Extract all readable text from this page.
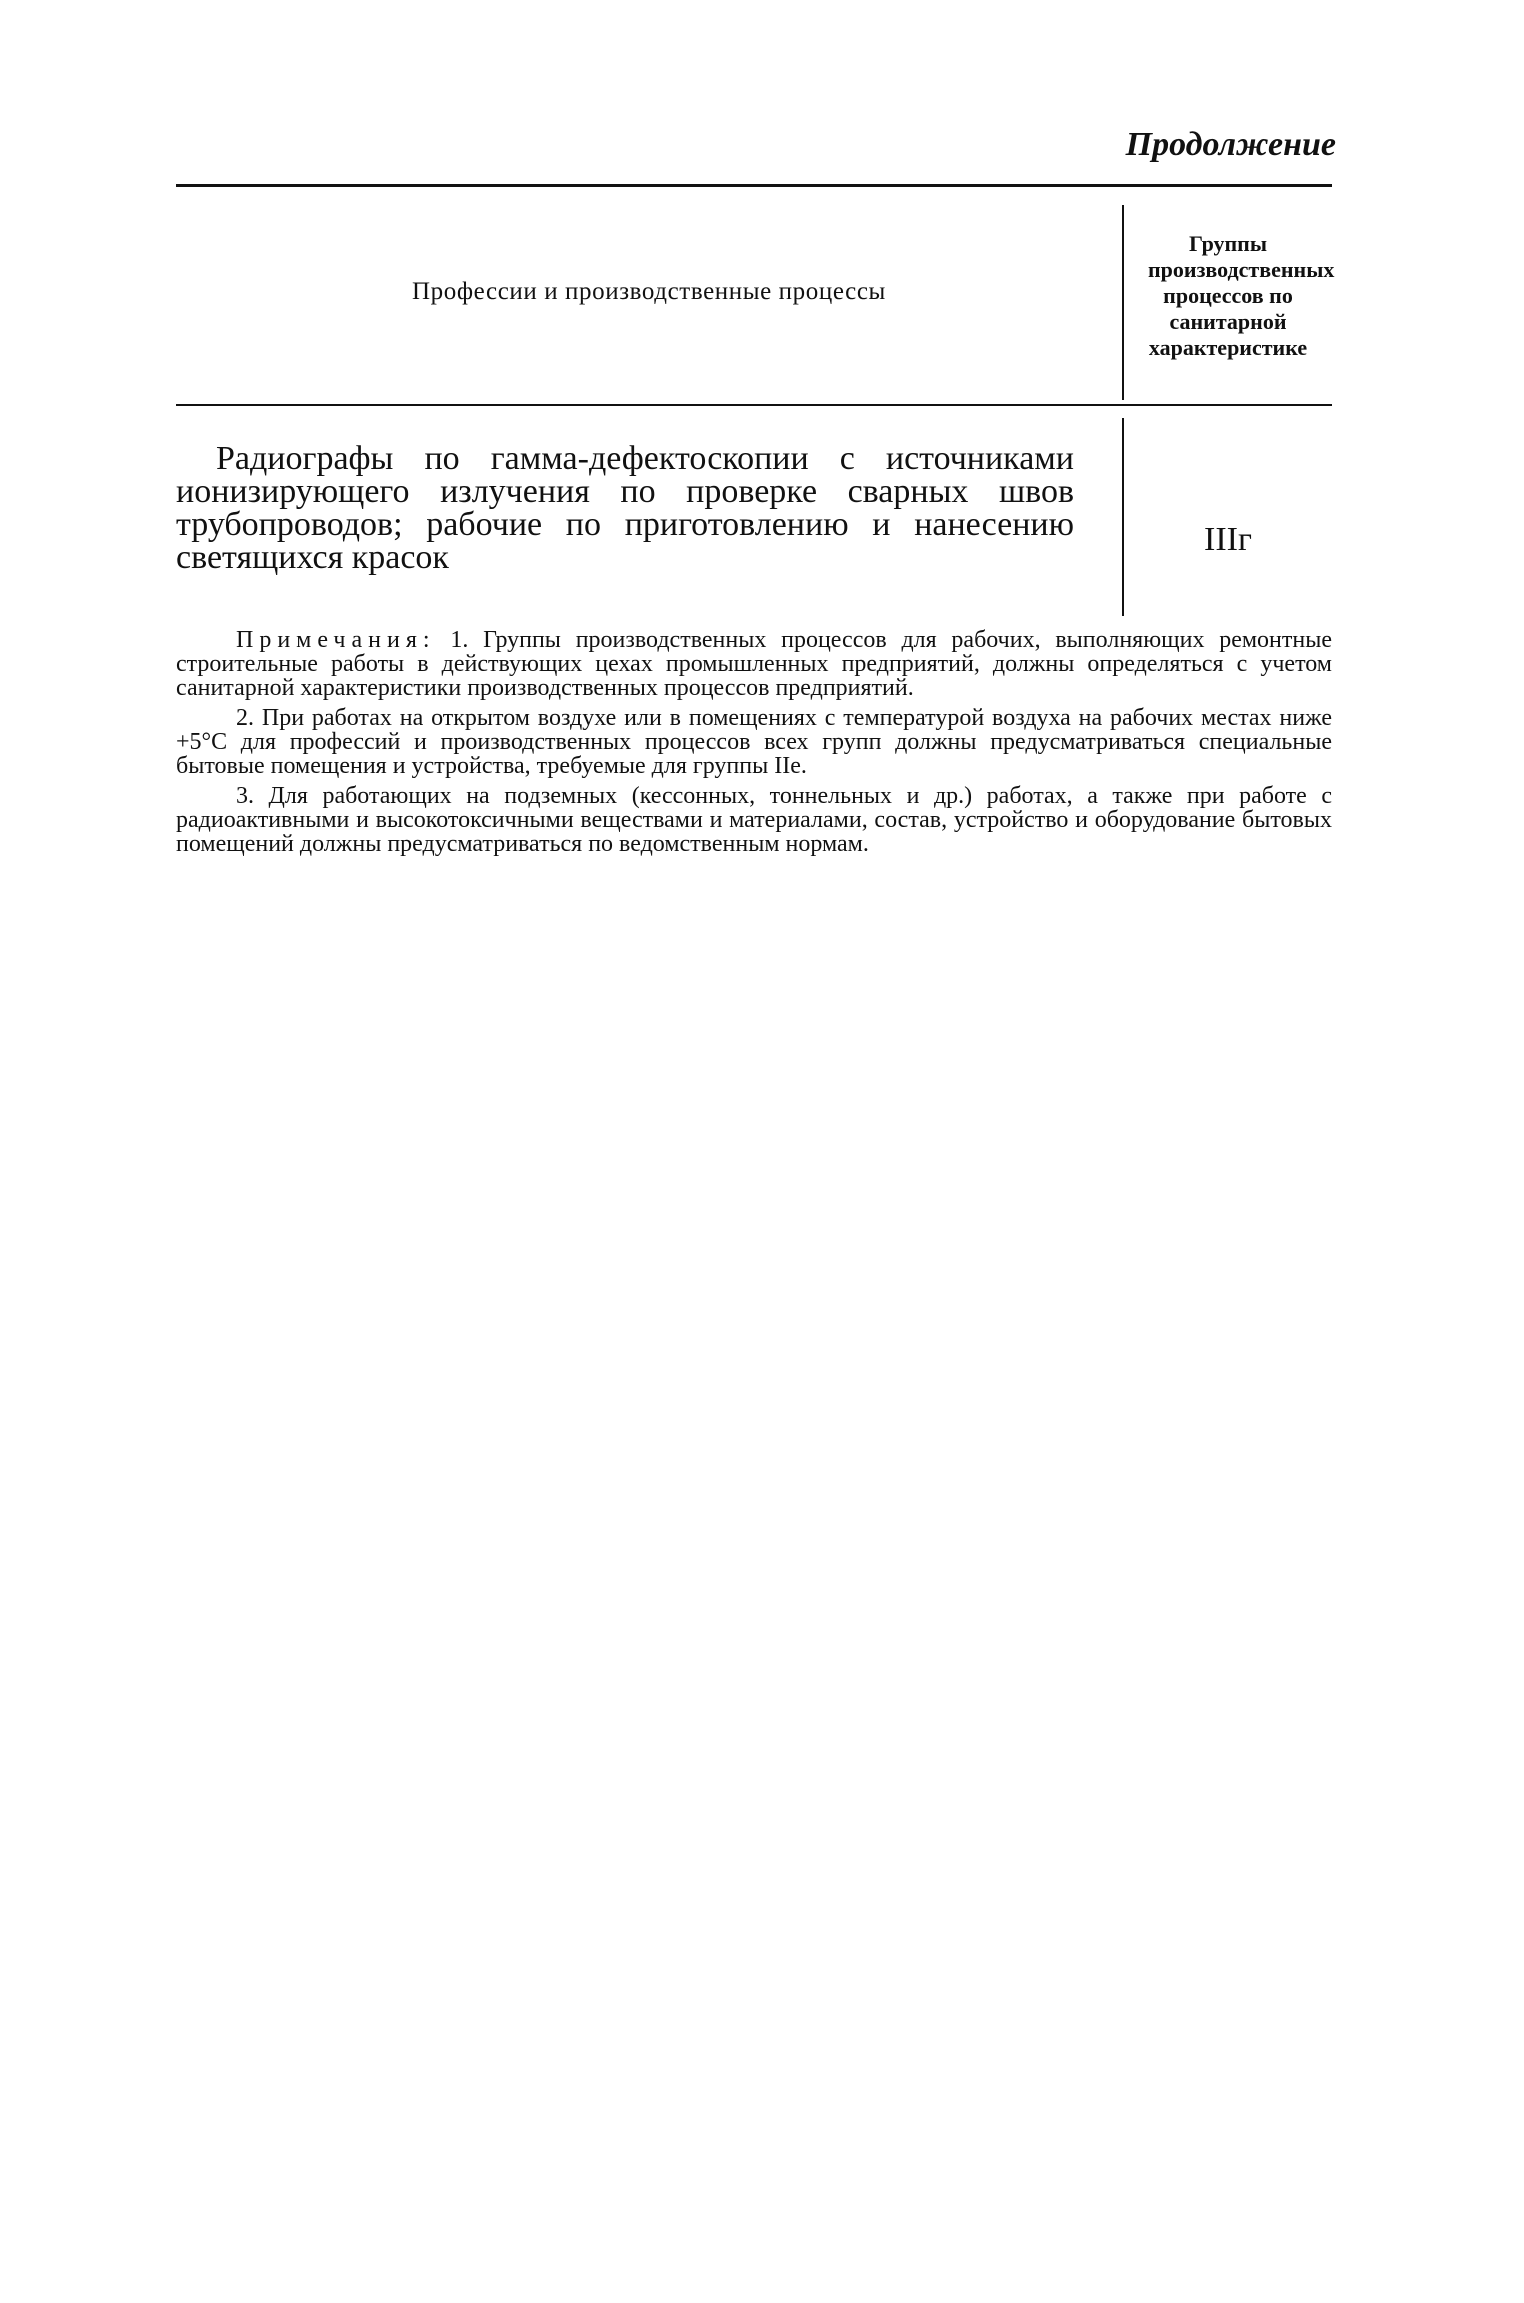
Продолжение
Профессии и производственные процессы
Группы производственных процессов по санитарной характеристике
Радиографы по гамма-дефектоскопии с источниками ионизирующего излучения по проверке сварных швов трубопроводов; рабочие по приготовлению и нанесению светящихся красок	IIIг

Примечания: 1. Группы производственных процессов для рабочих, выполняющих ремонтные строительные работы в действующих цехах промышленных предприятий, должны определяться с учетом санитарной характеристики производственных процессов предприятий.

2. При работах на открытом воздухе или в помещениях с температурой воздуха на рабочих местах ниже +5°С для профессий и производственных процессов всех групп должны предусматриваться специальные бытовые помещения и устройства, требуемые для группы IIе.

3. Для работающих на подземных (кессонных, тоннельных и др.) работах, а также при работе с радиоактивными и высокотоксичными веществами и материалами, состав, устройство и оборудование бытовых помещений должны предусматриваться по ведомственным нормам.
